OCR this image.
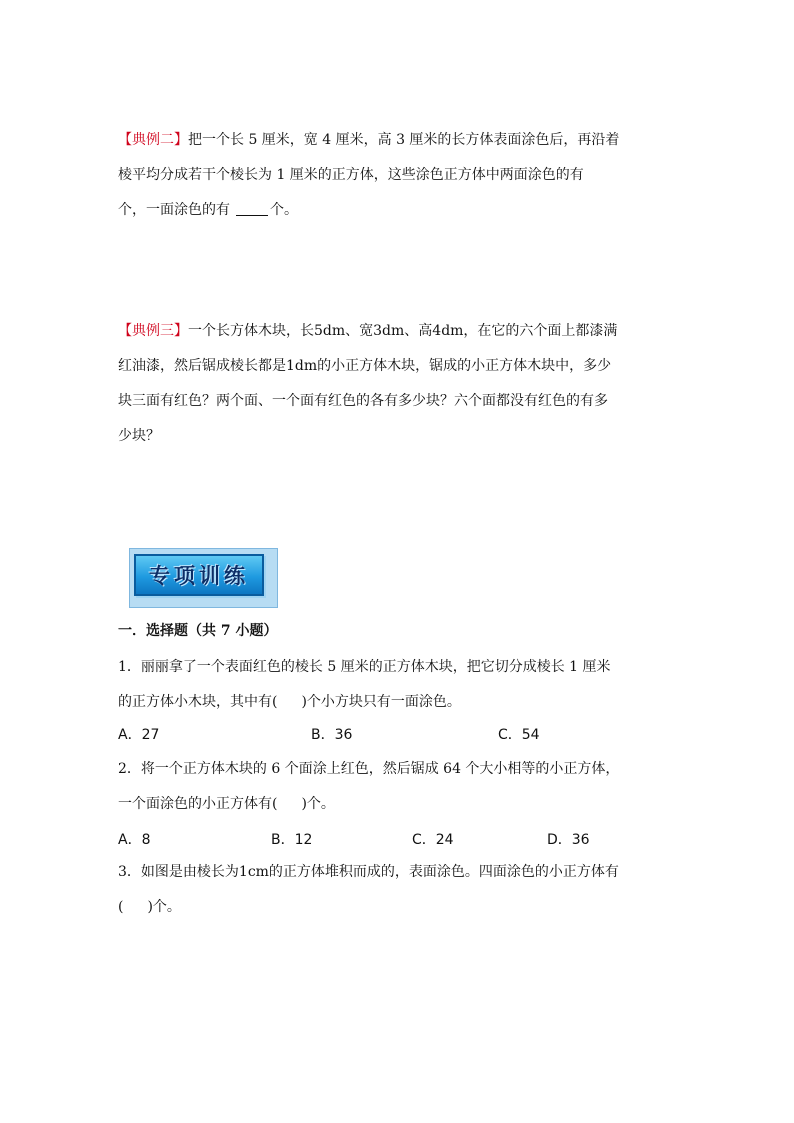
【典例二】把一个长 5 厘米，宽 4 厘米，高 3 厘米的长方体表面涂色后，再沿着
棱平均分成若干个棱长为 1 厘米的正方体，这些涂色正方体中两面涂色的有
个，一面涂色的有	个。
【典例三】一个长方体木块，长5dm、宽3dm、高4dm，在它的六个面上都漆满
红油漆，然后锯成棱长都是1dm的小正方体木块，锯成的小正方体木块中，多少
块三面有红色？两个面、一个面有红色的各有多少块？六个面都没有红色的有多
少块？
专项训练
一．选择题（共 7 小题）
1．丽丽拿了一个表面红色的棱长 5 厘米的正方体木块，把它切分成棱长 1 厘米
的正方体小木块，其中有( )个小方块只有一面涂色。
A．27	B．36	C．54
2．将一个正方体木块的 6 个面涂上红色，然后锯成 64 个大小相等的小正方体，
一个面涂色的小正方体有( )个。
A．8	B．12	C．24	D．36
3．如图是由棱长为1cm的正方体堆积而成的，表面涂色。四面涂色的小正方体有
( )个。
